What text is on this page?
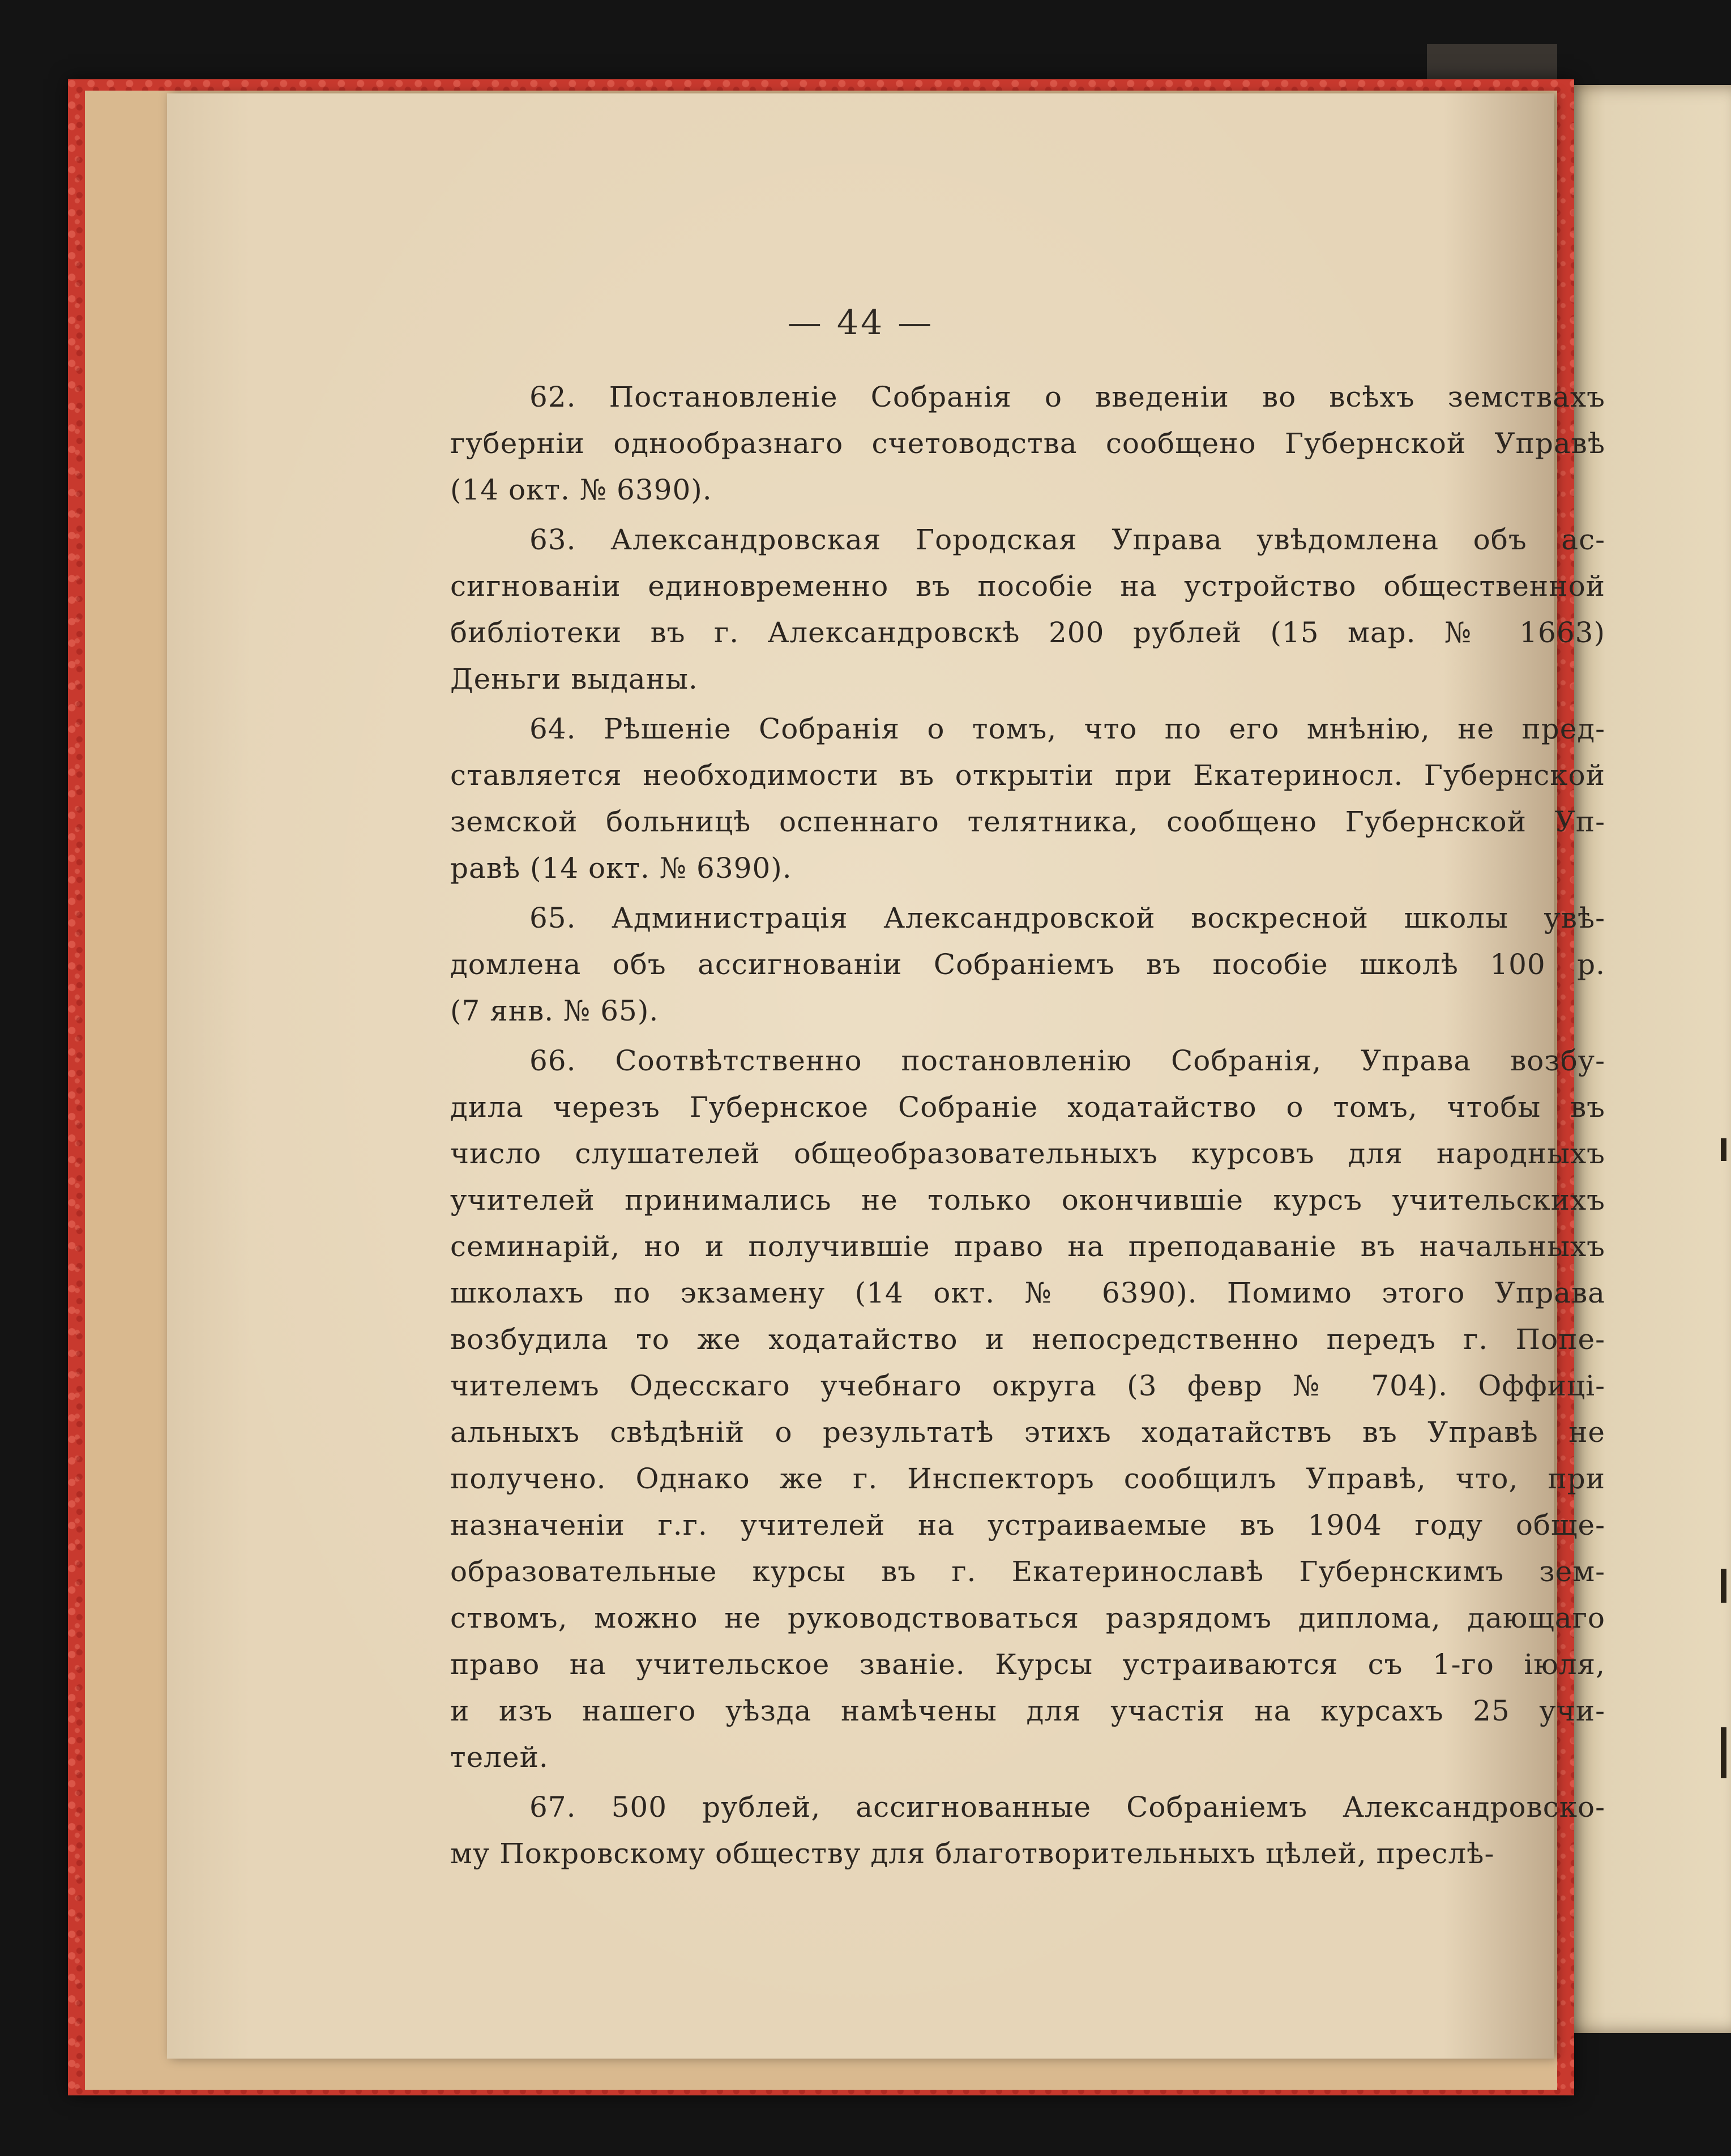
— 44 —
62. Постановленіе Собранія о введеніи во всѣхъ земствахъ
губерніи однообразнаго счетоводства сообщено Губернской Управѣ
(14 окт. № 6390).
63. Александровская Городская Управа увѣдомлена объ ас-
сигнованіи единовременно въ пособіе на устройство общественной
библіотеки въ г. Александровскѣ 200 рублей (15 мар. № 1663)
Деньги выданы.
64. Рѣшеніе Собранія о томъ, что по его мнѣнію, не пред-
ставляется необходимости въ открытіи при Екатериносл. Губернской
земской больницѣ оспеннаго телятника, сообщено Губернской Уп-
равѣ (14 окт. № 6390).
65. Администрація Александровской воскресной школы увѣ-
домлена объ ассигнованіи Собраніемъ въ пособіе школѣ 100 р.
(7 янв. № 65).
66. Соотвѣтственно постановленію Собранія, Управа возбу-
дила черезъ Губернское Собраніе ходатайство о томъ, чтобы въ
число слушателей общеобразовательныхъ курсовъ для народныхъ
учителей принимались не только окончившіе курсъ учительскихъ
семинарій, но и получившіе право на преподаваніе въ начальныхъ
школахъ по экзамену (14 окт. № 6390). Помимо этого Управа
возбудила то же ходатайство и непосредственно передъ г. Попе-
чителемъ Одесскаго учебнаго округа (3 февр № 704). Оффиці-
альныхъ свѣдѣній о результатѣ этихъ ходатайствъ въ Управѣ не
получено. Однако же г. Инспекторъ сообщилъ Управѣ, что, при
назначеніи г.г. учителей на устраиваемые въ 1904 году обще-
образовательные курсы въ г. Екатеринославѣ Губернскимъ зем-
ствомъ, можно не руководствоваться разрядомъ диплома, дающаго
право на учительское званіе. Курсы устраиваются съ 1-го іюля,
и изъ нашего уѣзда намѣчены для участія на курсахъ 25 учи-
телей.
67. 500 рублей, ассигнованные Собраніемъ Александровско-
му Покровскому обществу для благотворительныхъ цѣлей, преслѣ-
